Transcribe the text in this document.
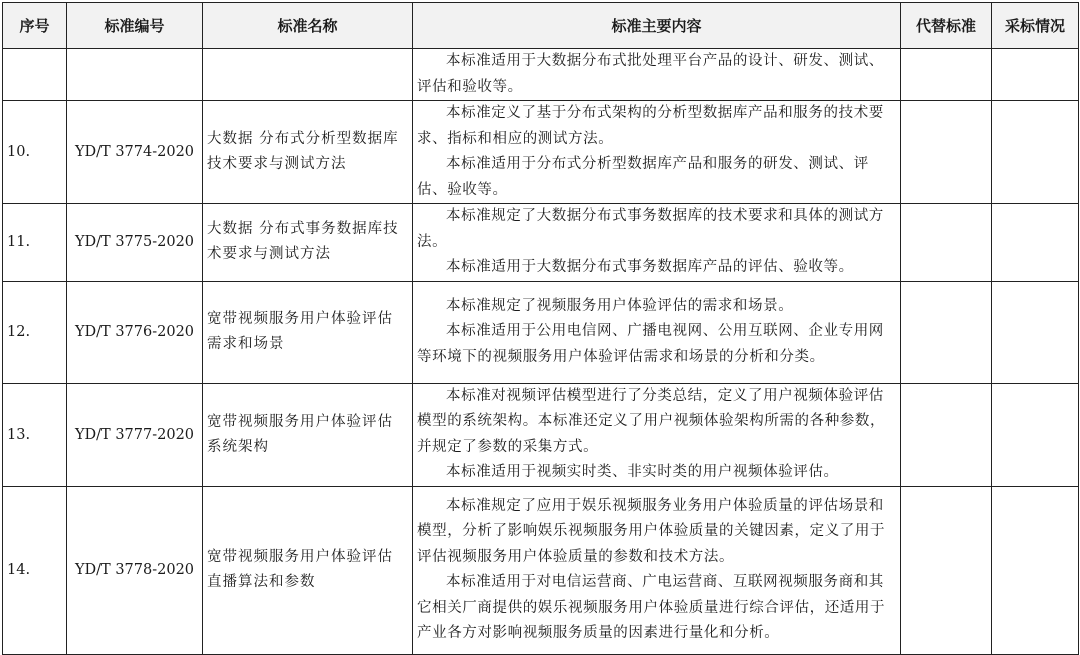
序号	标准编号	标准名称	标准主要内容	代替标准	采标情况

			本标准适用于大数据分布式批处理平台产品的设计、研发、测试、评估和验收等。		

10.	YD/T 3774-2020	大数据 分布式分析型数据库技术要求与测试方法	本标准定义了基于分布式架构的分析型数据库产品和服务的技术要求、指标和相应的测试方法。

本标准适用于分布式分析型数据库产品和服务的研发、测试、评估、验收等。		

11.	YD/T 3775-2020	大数据 分布式事务数据库技术要求与测试方法	本标准规定了大数据分布式事务数据库的技术要求和具体的测试方法。

本标准适用于大数据分布式事务数据库产品的评估、验收等。		

12.	YD/T 3776-2020	宽带视频服务用户体验评估 需求和场景	本标准规定了视频服务用户体验评估的需求和场景。

本标准适用于公用电信网、广播电视网、公用互联网、企业专用网等环境下的视频服务用户体验评估需求和场景的分析和分类。		

13.	YD/T 3777-2020	宽带视频服务用户体验评估 系统架构	本标准对视频评估模型进行了分类总结，定义了用户视频体验评估模型的系统架构。本标准还定义了用户视频体验架构所需的各种参数，并规定了参数的采集方式。

本标准适用于视频实时类、非实时类的用户视频体验评估。		

14.	YD/T 3778-2020	宽带视频服务用户体验评估 直播算法和参数	本标准规定了应用于娱乐视频服务业务用户体验质量的评估场景和模型，分析了影响娱乐视频服务用户体验质量的关键因素，定义了用于评估视频服务用户体验质量的参数和技术方法。

本标准适用于对电信运营商、广电运营商、互联网视频服务商和其它相关厂商提供的娱乐视频服务用户体验质量进行综合评估，还适用于产业各方对影响视频服务质量的因素进行量化和分析。		
